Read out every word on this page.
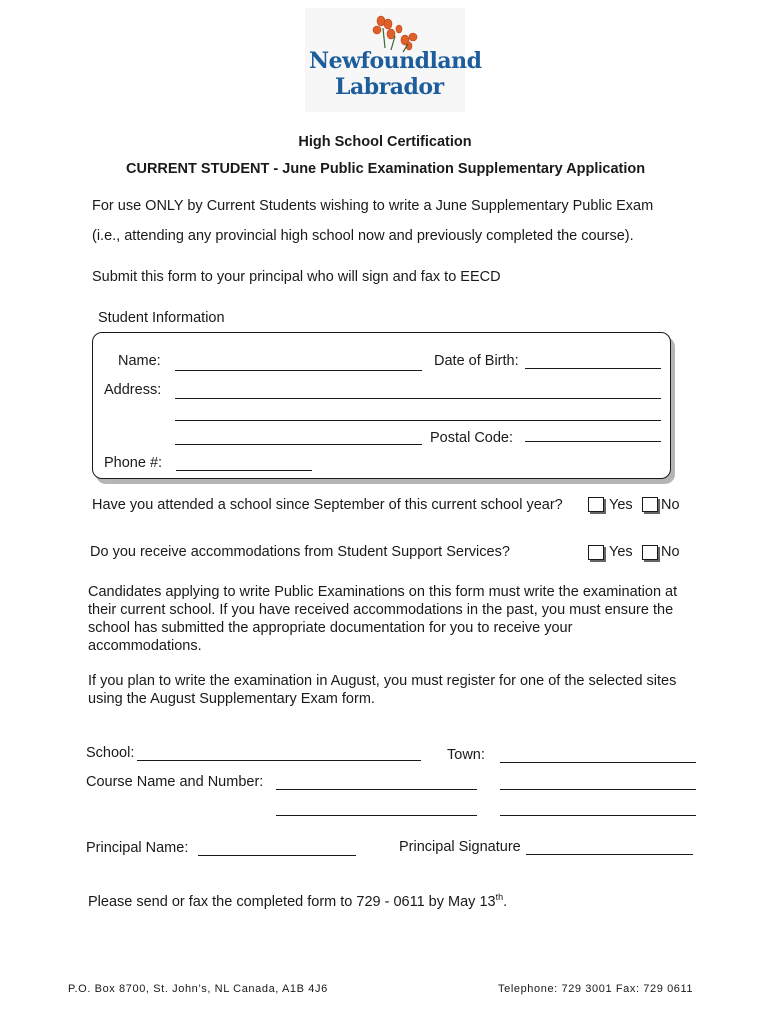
Newfoundland
Labrador
High School Certification
CURRENT STUDENT - June Public Examination Supplementary Application
For use ONLY by Current Students wishing to write a June Supplementary Public Exam
(i.e., attending any provincial high school now and previously completed the course).
Submit this form to your principal who will sign and fax to EECD
Student Information
Name:	Date of Birth:
Address:
Postal Code:
Phone #:
Have you attended a school since September of this current school year?	Yes No
Do you receive accommodations from Student Support Services?	Yes No
Candidates applying to write Public Examinations on this form must write the examination at
their current school. If you have received accommodations in the past, you must ensure the
school has submitted the appropriate documentation for you to receive your
accommodations.
If you plan to write the examination in August, you must register for one of the selected sites
using the August Supplementary Exam form.
School:	Town:
Course Name and Number:
Principal Name:	Principal Signature
Please send or fax the completed form to 729 - 0611 by May 13th.
P.O. Box 8700, St. John’s, NL Canada, A1B 4J6	Telephone: 729 3001 Fax: 729 0611
